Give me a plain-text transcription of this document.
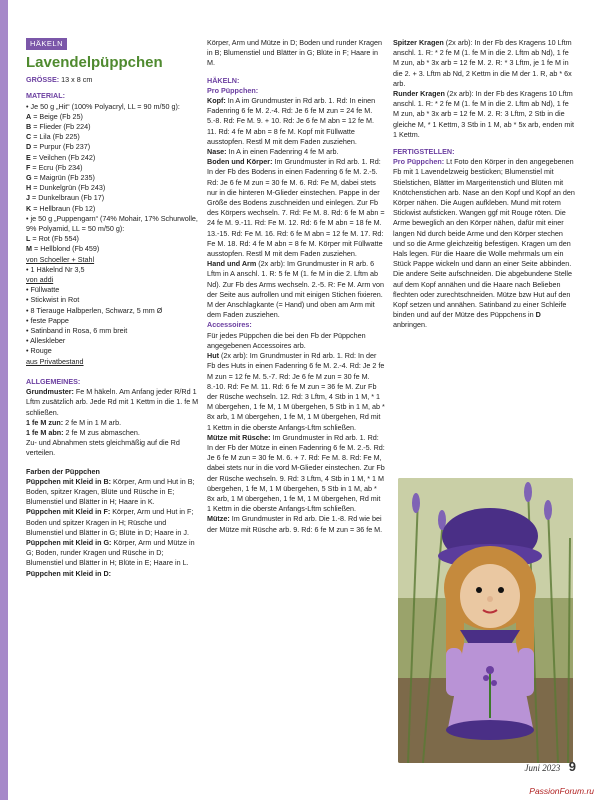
HÄKELN
Lavendelpüppchen

GRÖSSE: 13 x 8 cm

MATERIAL:

• Je 50 g „Hit“ (100% Polyacryl, LL = 90 m/50 g):

A = Beige (Fb 25)

B = Flieder (Fb 224)

C = Lila (Fb 225)

D = Purpur (Fb 237)

E = Veilchen (Fb 242)

F = Ecru (Fb 234)

G = Maigrün (Fb 235)

H = Dunkelgrün (Fb 243)

J = Dunkelbraun (Fb 17)

K = Hellbraun (Fb 12)

• je 50 g „Puppengarn“ (74% Mohair, 17% Schurwolle, 9% Polyamid, LL = 50 m/50 g):

L = Rot (Fb 554)

M = Hellblond (Fb 459)

von Schoeller + Stahl

• 1 Häkelnd Nr 3,5

von addi

• Füllwatte

• Stickwist in Rot

• 8 Tierauge Halbperlen, Schwarz, 5 mm Ø

• feste Pappe

• Satinband in Rosa, 6 mm breit

• Alleskleber

• Rouge

aus Privatbestand

ALLGEMEINES:

Grundmuster: Fe M häkeln. Am Anfang jeder R/Rd 1 Lftm zusätzlich arb. Jede Rd mit 1 Kettm in die 1. fe M schließen.

1 fe M zun: 2 fe M in 1 M arb.

1 fe M abn: 2 fe M zus abmaschen.

Zu- und Abnahmen stets gleichmäßig auf die Rd verteilen.

Farben der Püppchen

Püppchen mit Kleid in B: Körper, Arm und Hut in B; Boden, spitzer Kragen, Blüte und Rüsche in E; Blumenstiel und Blätter in H; Haare in K.

Püppchen mit Kleid in F: Körper, Arm und Hut in F; Boden und spitzer Kragen in H; Rüsche und Blumenstiel und Blätter in G; Blüte in D; Haare in J.

Püppchen mit Kleid in G: Körper, Arm und Mütze in G; Boden, runder Kragen und Rüsche in D; Blumenstiel und Blätter in H; Blüte in E; Haare in L.

Püppchen mit Kleid in D:

Körper, Arm und Mütze in D; Boden und runder Kragen in B; Blumenstiel und Blätter in G; Blüte in F; Haare in M.

HÄKELN:

Pro Püppchen:

Kopf: In A im Grundmuster in Rd arb. 1. Rd: In einen Fadenring 6 fe M. 2.-4. Rd: Je 6 fe M zun = 24 fe M. 5.-8. Rd: Fe M. 9. + 10. Rd: Je 6 fe M abn = 12 fe M. 11. Rd: 4 fe M abn = 8 fe M. Kopf mit Füllwatte ausstopfen. Restl M mit dem Faden zusziehen.

Nase: In A in einen Fadenring 4 fe M arb.

Boden und Körper: Im Grundmuster in Rd arb. 1. Rd: In der Fb des Bodens in einen Fadenring 6 fe M. 2.-5. Rd: Je 6 fe M zun = 30 fe M. 6. Rd: Fe M, dabei stets nur in die hinteren M-Glieder einstechen. Pappe in der Größe des Bodens zuschneiden und einlegen. Zur Fb des Körpers wechseln. 7. Rd: Fe M. 8. Rd: 6 fe M abn = 24 fe M. 9.-11. Rd: Fe M. 12. Rd: 6 fe M abn = 18 fe M. 13.-15. Rd: Fe M. 16. Rd: 6 fe M abn = 12 fe M. 17. Rd: Fe M. 18. Rd: 4 fe M abn = 8 fe M. Körper mit Füllwatte ausstopfen. Restl M mit dem Faden zusziehen.

Hand und Arm (2x arb): Im Grundmuster in R arb. 6 Lftm in A anschl. 1. R: 5 fe M (1. fe M in die 2. Lftm ab Nd). Zur Fb des Arms wechseln. 2.-5. R: Fe M. Arm von der Seite aus aufrollen und mit einigen Stichen fixieren. M der Anschlagkante (= Hand) und oben am Arm mit dem Faden zusziehen.

Accessoires:

Für jedes Püppchen die bei den Fb der Püppchen angegebenen Accessoires arb.

Hut (2x arb): Im Grundmuster in Rd arb. 1. Rd: In der Fb des Huts in einen Fadenring 6 fe M. 2.-4. Rd: Je 2 fe M zun = 12 fe M. 5.-7. Rd: Je 6 fe M zun = 30 fe M. 8.-10. Rd: Fe M. 11. Rd: 6 fe M zun = 36 fe M. Zur Fb der Rüsche wechseln. 12. Rd: 3 Lftm, 4 Stb in 1 M, * 1 M übergehen, 1 fe M, 1 M übergehen, 5 Stb in 1 M, ab * 8x arb, 1 M übergehen, 1 fe M, 1 M übergehen, Rd mit 1 Kettm in die oberste Anfangs-Lftm schließen.

Mütze mit Rüsche: Im Grundmuster in Rd arb. 1. Rd: In der Fb der Mütze in einen Fadenring 6 fe M. 2.-5. Rd: Je 6 fe M zun = 30 fe M. 6. + 7. Rd: Fe M. 8. Rd: Fe M, dabei stets nur in die vord M-Glieder einstechen. Zur Fb der Rüsche wechseln. 9. Rd: 3 Lftm, 4 Stb in 1 M, * 1 M übergehen, 1 fe M, 1 M übergehen, 5 Stb in 1 M, ab * 8x arb, 1 M übergehen, 1 fe M, 1 M übergehen, Rd mit 1 Kettm in die oberste Anfangs-Lftm schließen.

Mütze: Im Grundmuster in Rd arb. Die 1.-8. Rd wie bei der Mütze mit Rüsche arb. 9. Rd: 6 fe M zun = 36 fe M.

Spitzer Kragen (2x arb): In der Fb des Kragens 10 Lftm anschl. 1. R: * 2 fe M (1. fe M in die 2. Lftm ab Nd), 1 fe M zun, ab * 3x arb = 12 fe M. 2. R: * 3 Lftm, je 1 fe M in die 2. + 3. Lftm ab Nd, 2 Kettm in die M der 1. R, ab * 6x arb.

Runder Kragen (2x arb): In der Fb des Kragens 10 Lftm anschl. 1. R: * 2 fe M (1. fe M in die 2. Lftm ab Nd), 1 fe M zun, ab * 3x arb = 12 fe M. 2. R: 3 Lftm, 2 Stb in die gleiche M, * 1 Kettm, 3 Stb in 1 M, ab * 5x arb, enden mit 1 Kettm.

FERTIGSTELLEN:

Pro Püppchen: Lt Foto den Körper in den angegebenen Fb mit 1 Lavendelzweig besticken; Blumenstiel mit Stielstichen, Blätter im Margeritenstich und Blüten mit Knötchenstichen arb. Nase an den Kopf und Kopf an den Körper nähen. Die Augen aufkleben. Mund mit rotem Stickwist aufsticken. Wangen ggf mit Rouge röten. Die Arme beweglich an den Körper nähen, dafür mit einer langen Nd durch beide Arme und den Körper stechen und so die Arme gleichzeitig befestigen. Kragen um den Hals legen. Für die Haare die Wolle mehrmals um ein Stück Pappe wickeln und dann an einer Seite abbinden. Die andere Seite aufschneiden. Die abgebundene Stelle auf dem Kopf annähen und die Haare nach Belieben flechten oder zurechtschneiden. Mütze bzw Hut auf den Kopf setzen und annähen. Satinband zu einer Schleife binden und auf der Mütze des Püppchens in D anbringen.

Juni 2023 9
PassionForum.ru
